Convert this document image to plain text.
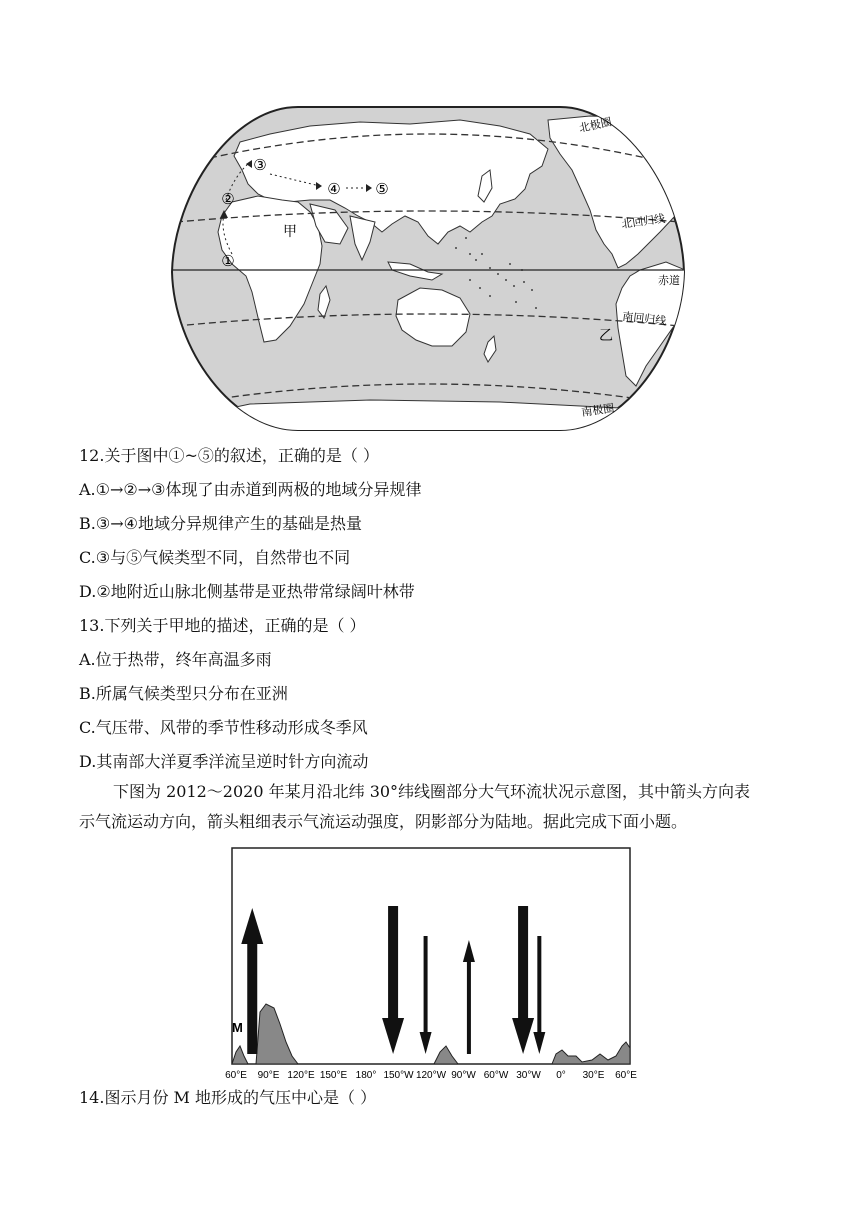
①
②
③
④ ⑤
甲
乙
北极圈
北回归线
赤道
南回归线
南极圈
12.关于图中①~⑤的叙述，正确的是（ ）
A.①→②→③体现了由赤道到两极的地域分异规律
B.③→④地域分异规律产生的基础是热量
C.③与⑤气候类型不同，自然带也不同
D.②地附近山脉北侧基带是亚热带常绿阔叶林带
13.下列关于甲地的描述，正确的是（ ）
A.位于热带，终年高温多雨
B.所属气候类型只分布在亚洲
C.气压带、风带的季节性移动形成冬季风
D.其南部大洋夏季洋流呈逆时针方向流动
下图为 2012～2020 年某月沿北纬 30°纬线圈部分大气环流状况示意图，其中箭头方向表
示气流运动方向，箭头粗细表示气流运动强度，阴影部分为陆地。据此完成下面小题。
M
60°E 90°E 120°E 150°E 180° 150°W 120°W 90°W 60°W 30°W 0° 30°E 60°E
14.图示月份 M 地形成的气压中心是（ ）
